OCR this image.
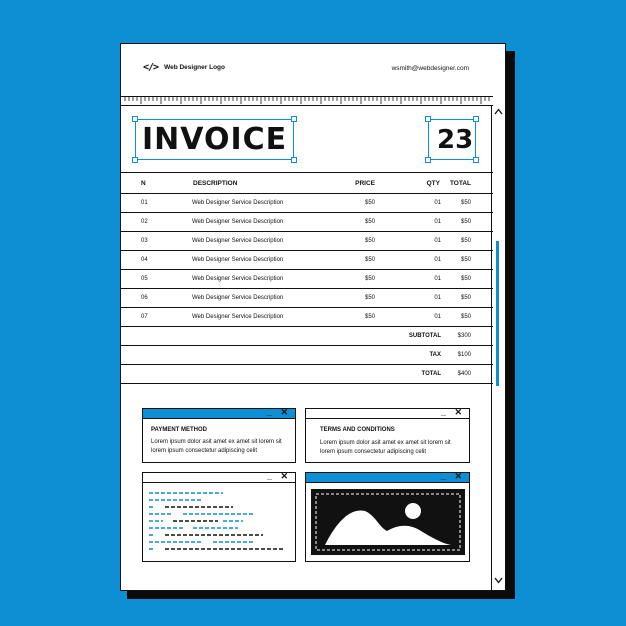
</> Web Designer Logo	wsmith@webdesigner.com
INVOICE	23
N	DESCRIPTION	PRICE	QTY	TOTAL
01	Web Designer Service Description	$50	01	$50
02	Web Designer Service Description	$50	01	$50
03	Web Designer Service Description	$50	01	$50
04	Web Designer Service Description	$50	01	$50
05	Web Designer Service Description	$50	01	$50
06	Web Designer Service Description	$50	01	$50
07	Web Designer Service Description	$50	01	$50
			SUBTOTAL	$300
			TAX	$100
			TOTAL	$400
_ ✕
PAYMENT METHOD
Lorem ipsum dolor asit amet ex amet sit lorem sit lorem ipsum consectetur adipiscing celit
_ ✕
TERMS AND CONDITIONS
Lorem ipsum dolor asit amet ex amet sit lorem sit lorem ipsum consectetur adipiscing celit
_ ✕	_ ✕
